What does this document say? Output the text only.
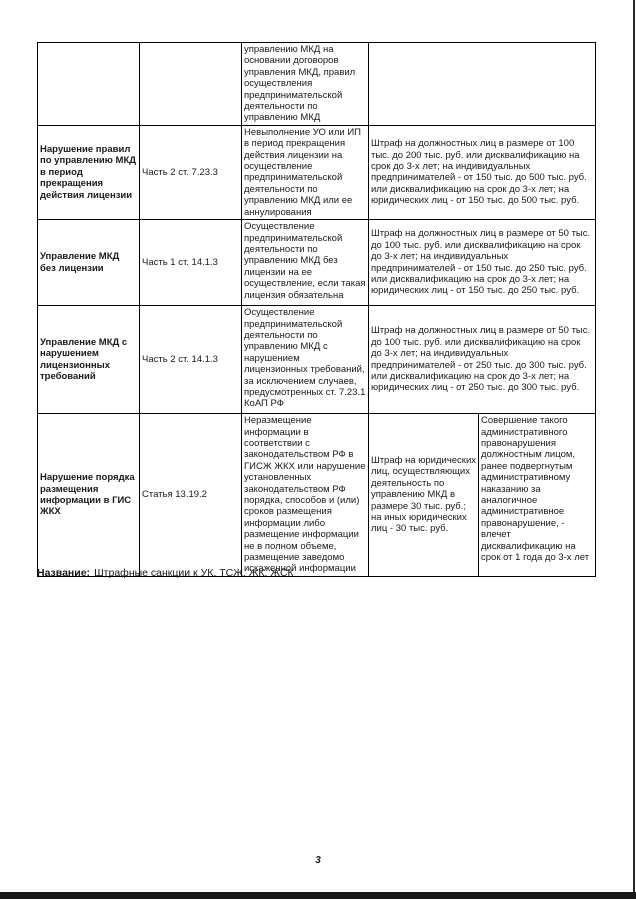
		управлению МКД на основании договоров управления МКД, правил осуществления предпринимательской деятельности по управлению МКД		
Нарушение правил по управлению МКД в период прекращения действия лицензии	Часть 2 ст. 7.23.3	Невыполнение УО или ИП в период прекращения действия лицензии на осуществление предпринимательской деятельности по управлению МКД или ее аннулирования	Штраф на должностных лиц в размере от 100 тыс. до 200 тыс. руб. или дисквалификацию на срок до 3-х лет; на индивидуальных предпринимателей - от 150 тыс. до 500 тыс. руб. или дисквалификацию на срок до 3-х лет; на юридических лиц - от 150 тыс. до 500 тыс. руб.	
Управление МКД без лицензии	Часть 1 ст. 14.1.3	Осуществление предпринимательской деятельности по управлению МКД без лицензии на ее осуществление, если такая лицензия обязательна	Штраф на должностных лиц в размере от 50 тыс. до 100 тыс. руб. или дисквалификацию на срок до 3-х лет; на индивидуальных предпринимателей - от 150 тыс. до 250 тыс. руб. или дисквалификацию на срок до 3-х лет; на юридических лиц - от 150 тыс. до 250 тыс. руб.	
Управление МКД с нарушением лицензионных требований	Часть 2 ст. 14.1.3	Осуществление предпринимательской деятельности по управлению МКД с нарушением лицензионных требований, за исключением случаев, предусмотренных ст. 7.23.1 КоАП РФ	Штраф на должностных лиц в размере от 50 тыс. до 100 тыс. руб. или дисквалификацию на срок до 3-х лет; на индивидуальных предпринимателей - от 250 тыс. до 300 тыс. руб. или дисквалификацию на срок до 3-х лет; на юридических лиц - от 250 тыс. до 300 тыс. руб.	
Нарушение порядка размещения информации в ГИС ЖКХ	Статья 13.19.2	Неразмещение информации в соответствии с законодательством РФ в ГИСЖ ЖКХ или нарушение установленных законодательством РФ порядка, способов и (или) сроков размещения информации либо размещение информации не в полном объеме, размещение заведомо искаженной информации	Штраф на юридических лиц, осуществляющих деятельность по управлению МКД в размере 30 тыс. руб.; на иных юридических лиц - 30 тыс. руб.	Совершение такого административного правонарушения должностным лицом, ранее подвергнутым административному наказанию за аналогичное административное правонарушение, - влечет дисквалификацию на срок от 1 года до 3-х лет
Название: Штрафные санкции к УК, ТСЖ, ЖК, ЖСК
3
